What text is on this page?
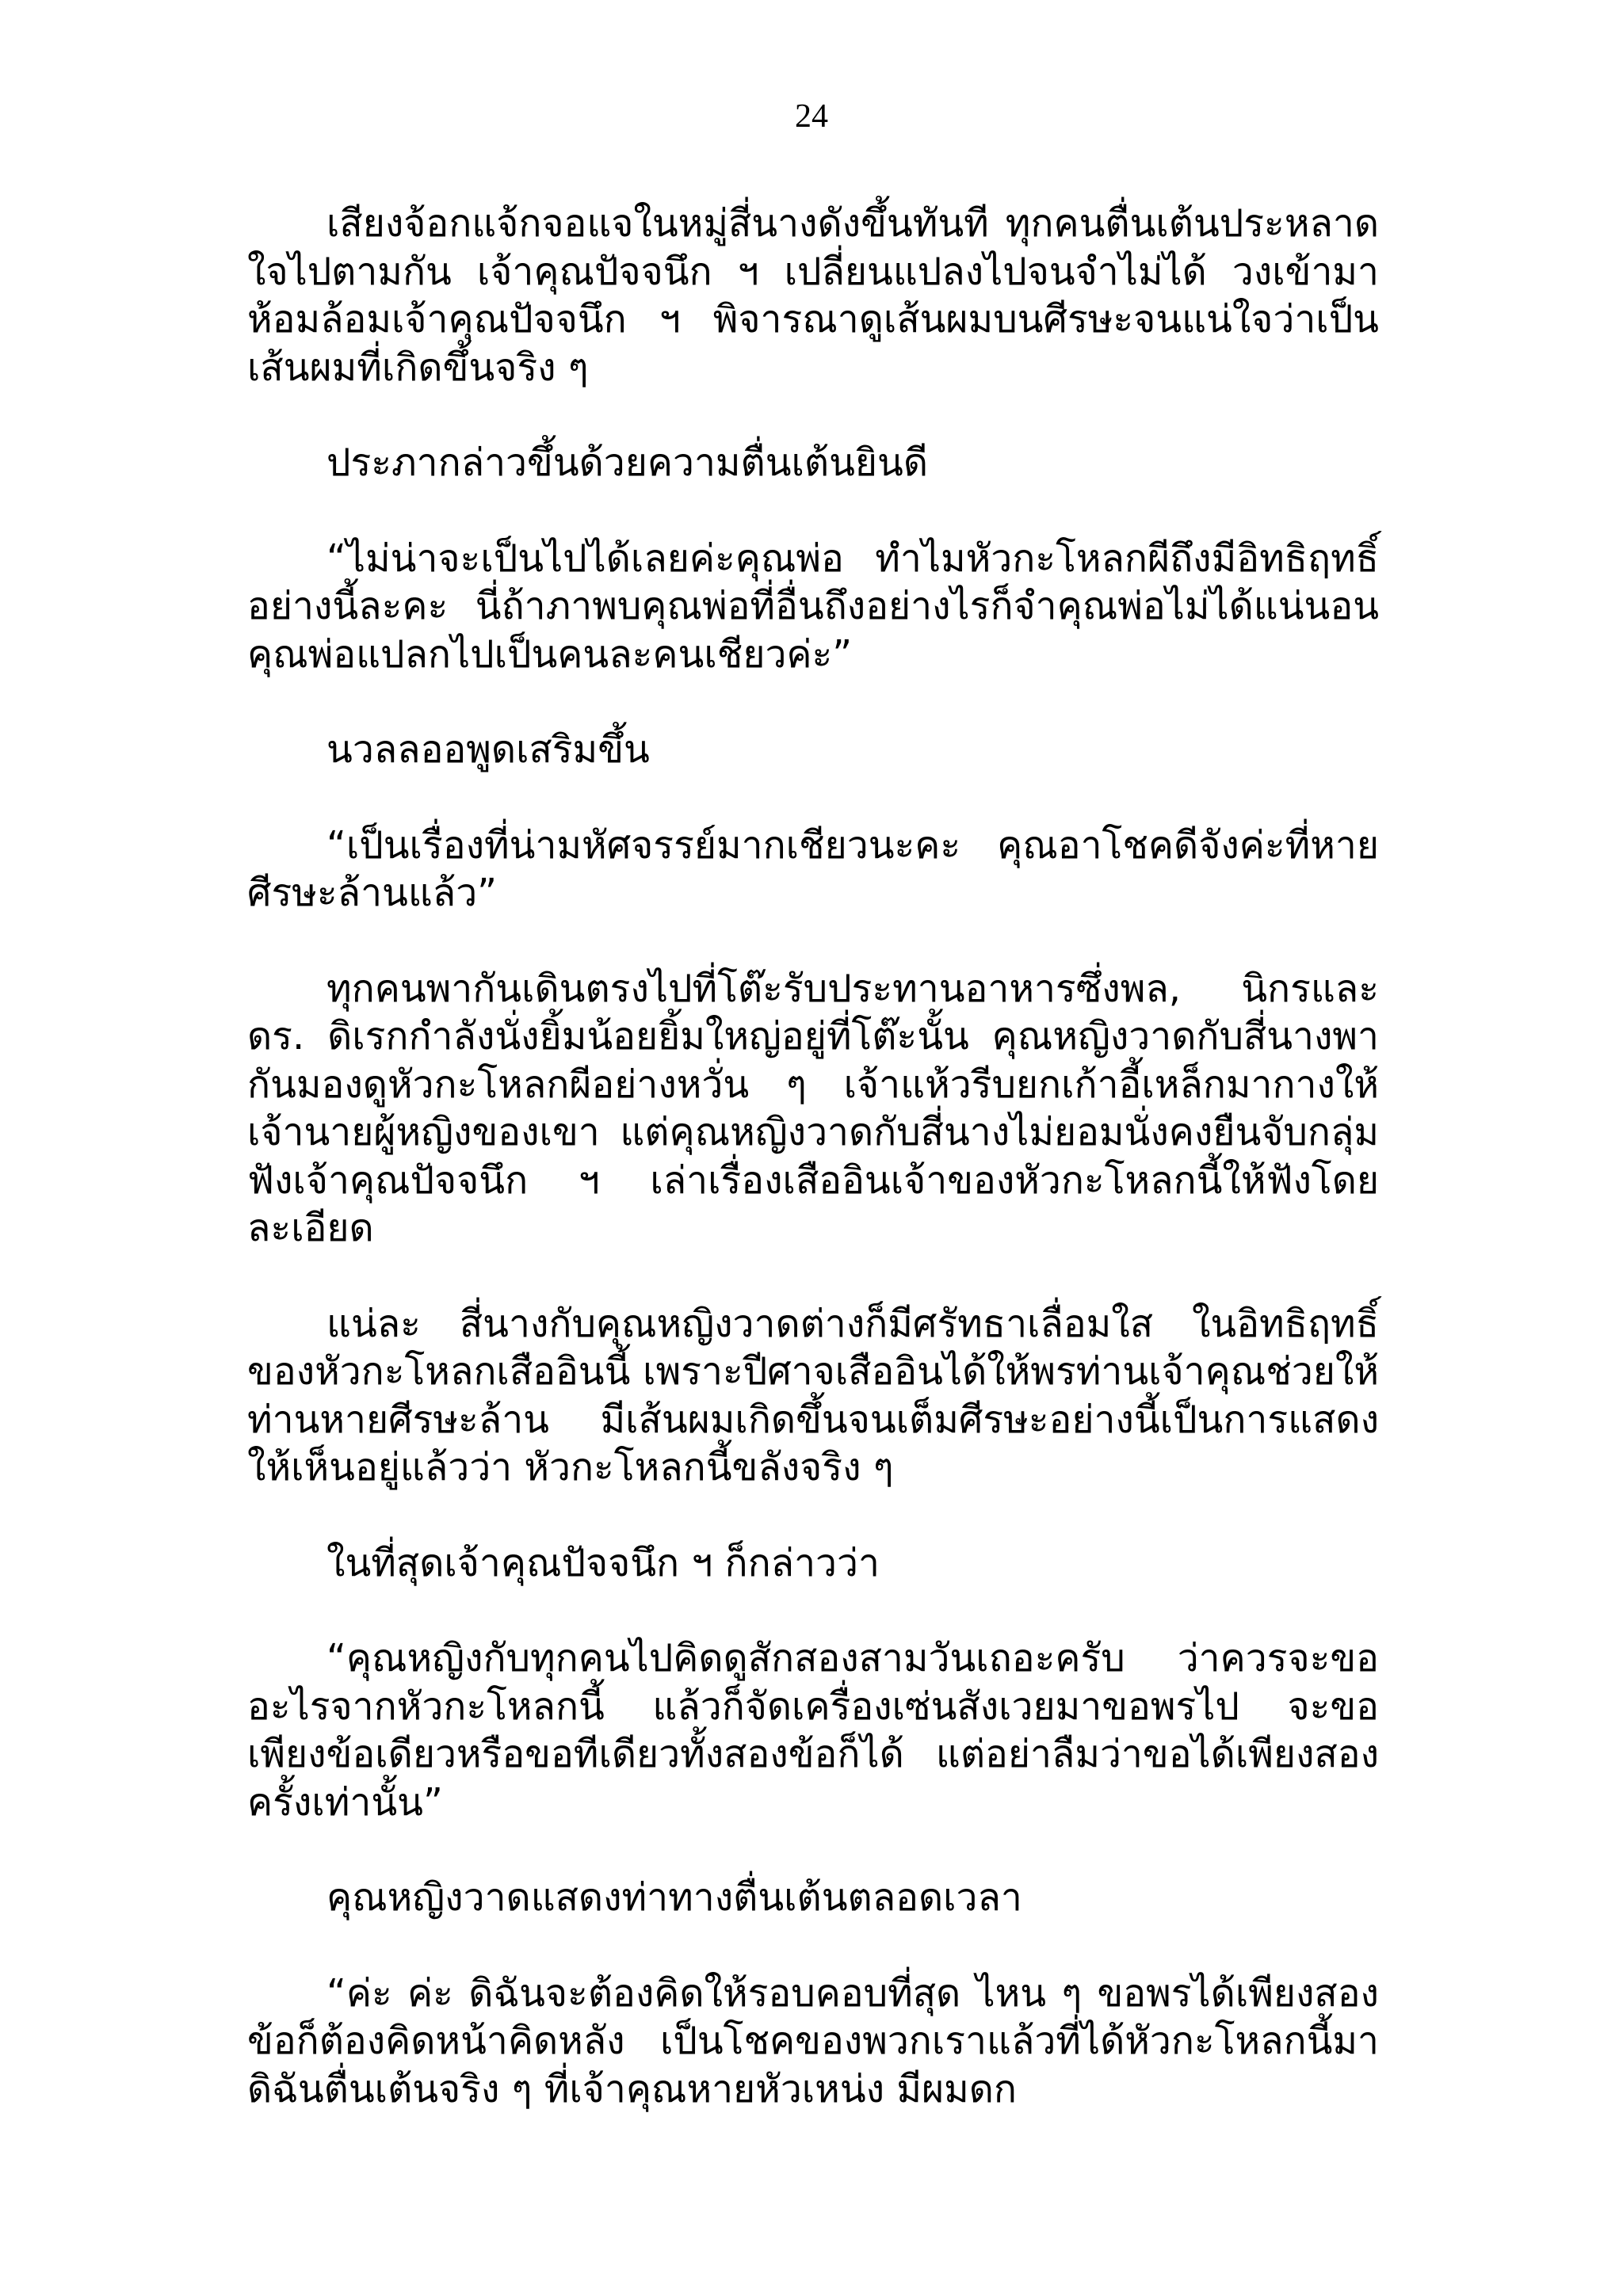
24

เสียงจ้อกแจ้กจอแจในหมู่สี่นางดังขึ้นทันที ทุกคนตื่นเต้นประหลาดใจไปตามกัน เจ้าคุณปัจจนึก ฯ เปลี่ยนแปลงไปจนจำไม่ได้ วงเข้ามาห้อมล้อมเจ้าคุณปัจจนึก ฯ พิจารณาดูเส้นผมบนศีรษะจนแน่ใจว่าเป็นเส้นผมที่เกิดขึ้นจริง ๆ

ประภากล่าวขึ้นด้วยความตื่นเต้นยินดี

“ไม่น่าจะเป็นไปได้เลยค่ะคุณพ่อ ทำไมหัวกะโหลกผีถึงมีอิทธิฤทธิ์อย่างนี้ละคะ นี่ถ้าภาพบคุณพ่อที่อื่นถึงอย่างไรก็จำคุณพ่อไม่ได้แน่นอน คุณพ่อแปลกไปเป็นคนละคนเชียวค่ะ”

นวลลออพูดเสริมขึ้น

“เป็นเรื่องที่น่ามหัศจรรย์มากเชียวนะคะ คุณอาโชคดีจังค่ะที่หายศีรษะล้านแล้ว”

ทุกคนพากันเดินตรงไปที่โต๊ะรับประทานอาหารซึ่งพล, นิกรและดร. ดิเรกกำลังนั่งยิ้มน้อยยิ้มใหญ่อยู่ที่โต๊ะนั้น คุณหญิงวาดกับสี่นางพากันมองดูหัวกะโหลกผีอย่างหวั่น ๆ เจ้าแห้วรีบยกเก้าอี้เหล็กมากางให้เจ้านายผู้หญิงของเขา แต่คุณหญิงวาดกับสี่นางไม่ยอมนั่งคงยืนจับกลุ่มฟังเจ้าคุณปัจจนึก ฯ เล่าเรื่องเสืออินเจ้าของหัวกะโหลกนี้ให้ฟังโดยละเอียด

แน่ละ สี่นางกับคุณหญิงวาดต่างก็มีศรัทธาเลื่อมใส ในอิทธิฤทธิ์ของหัวกะโหลกเสืออินนี้ เพราะปีศาจเสืออินได้ให้พรท่านเจ้าคุณช่วยให้ท่านหายศีรษะล้าน มีเส้นผมเกิดขึ้นจนเต็มศีรษะอย่างนี้เป็นการแสดงให้เห็นอยู่แล้วว่า หัวกะโหลกนี้ขลังจริง ๆ

ในที่สุดเจ้าคุณปัจจนึก ฯ ก็กล่าวว่า

“คุณหญิงกับทุกคนไปคิดดูสักสองสามวันเถอะครับ ว่าควรจะขออะไรจากหัวกะโหลกนี้ แล้วก็จัดเครื่องเซ่นสังเวยมาขอพรไป จะขอเพียงข้อเดียวหรือขอทีเดียวทั้งสองข้อก็ได้ แต่อย่าลืมว่าขอได้เพียงสองครั้งเท่านั้น”

คุณหญิงวาดแสดงท่าทางตื่นเต้นตลอดเวลา

“ค่ะ ค่ะ ดิฉันจะต้องคิดให้รอบคอบที่สุด ไหน ๆ ขอพรได้เพียงสองข้อก็ต้องคิดหน้าคิดหลัง เป็นโชคของพวกเราแล้วที่ได้หัวกะโหลกนี้มา ดิฉันตื่นเต้นจริง ๆ ที่เจ้าคุณหายหัวเหน่ง มีผมดก
